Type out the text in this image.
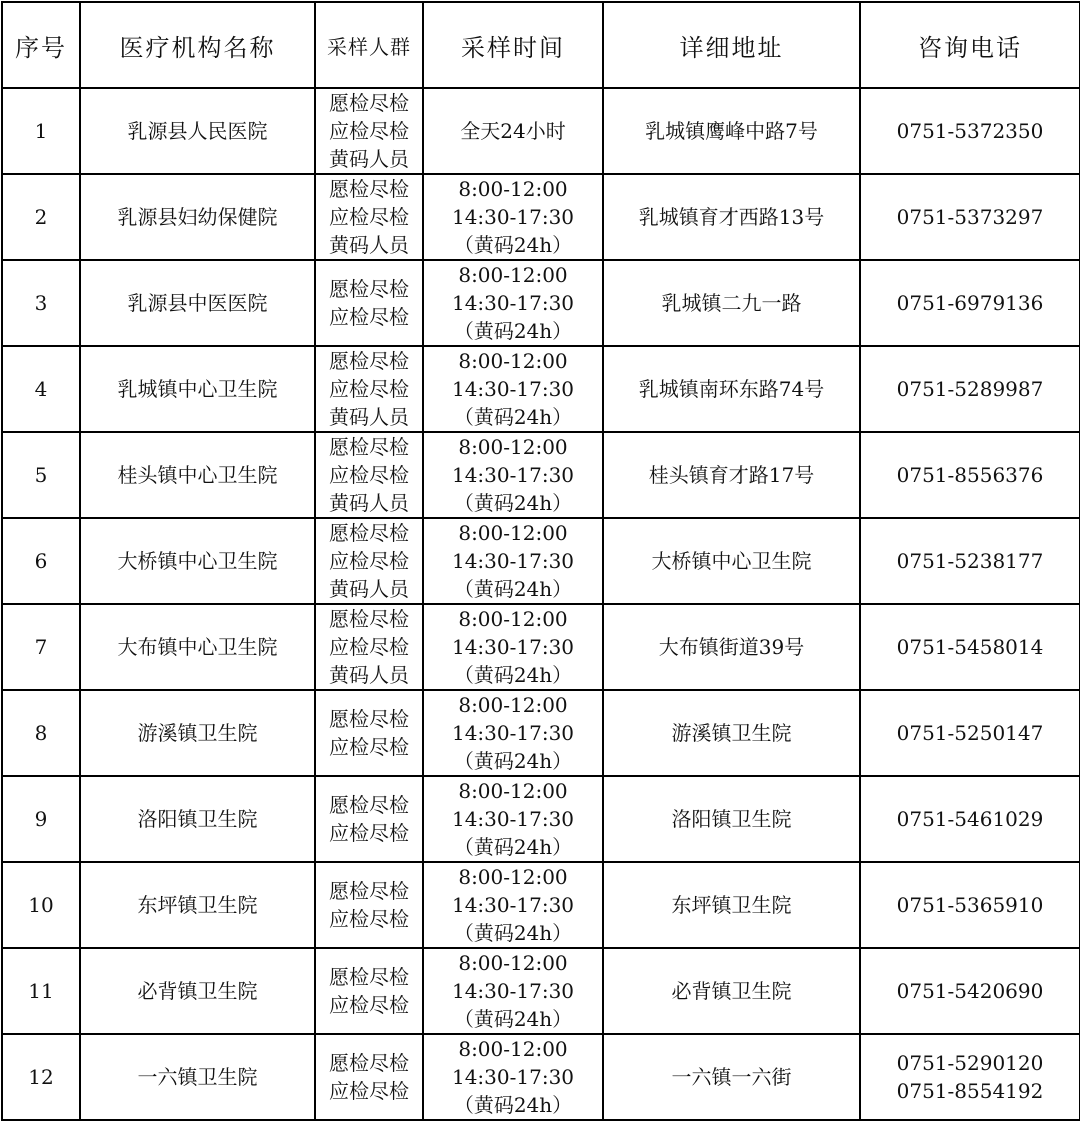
序号	医疗机构名称	采样人群	采样时间	详细地址	咨询电话
1	乳源县人民医院	愿检尽检
应检尽检
黄码人员	全天24小时	乳城镇鹰峰中路7号	0751-5372350

2	乳源县妇幼保健院	愿检尽检
应检尽检
黄码人员	8:00-12:00
14:30-17:30
（黄码24h）	乳城镇育才西路13号	0751-5373297

3	乳源县中医医院	愿检尽检
应检尽检	8:00-12:00
14:30-17:30
（黄码24h）	乳城镇二九一路	0751-6979136

4	乳城镇中心卫生院	愿检尽检
应检尽检
黄码人员	8:00-12:00
14:30-17:30
（黄码24h）	乳城镇南环东路74号	0751-5289987

5	桂头镇中心卫生院	愿检尽检
应检尽检
黄码人员	8:00-12:00
14:30-17:30
（黄码24h）	桂头镇育才路17号	0751-8556376

6	大桥镇中心卫生院	愿检尽检
应检尽检
黄码人员	8:00-12:00
14:30-17:30
（黄码24h）	大桥镇中心卫生院	0751-5238177

7	大布镇中心卫生院	愿检尽检
应检尽检
黄码人员	8:00-12:00
14:30-17:30
（黄码24h）	大布镇街道39号	0751-5458014

8	游溪镇卫生院	愿检尽检
应检尽检	8:00-12:00
14:30-17:30
（黄码24h）	游溪镇卫生院	0751-5250147

9	洛阳镇卫生院	愿检尽检
应检尽检	8:00-12:00
14:30-17:30
（黄码24h）	洛阳镇卫生院	0751-5461029

10	东坪镇卫生院	愿检尽检
应检尽检	8:00-12:00
14:30-17:30
（黄码24h）	东坪镇卫生院	0751-5365910

11	必背镇卫生院	愿检尽检
应检尽检	8:00-12:00
14:30-17:30
（黄码24h）	必背镇卫生院	0751-5420690

12	一六镇卫生院	愿检尽检
应检尽检	8:00-12:00
14:30-17:30
（黄码24h）	一六镇一六街	0751-5290120
0751-8554192
